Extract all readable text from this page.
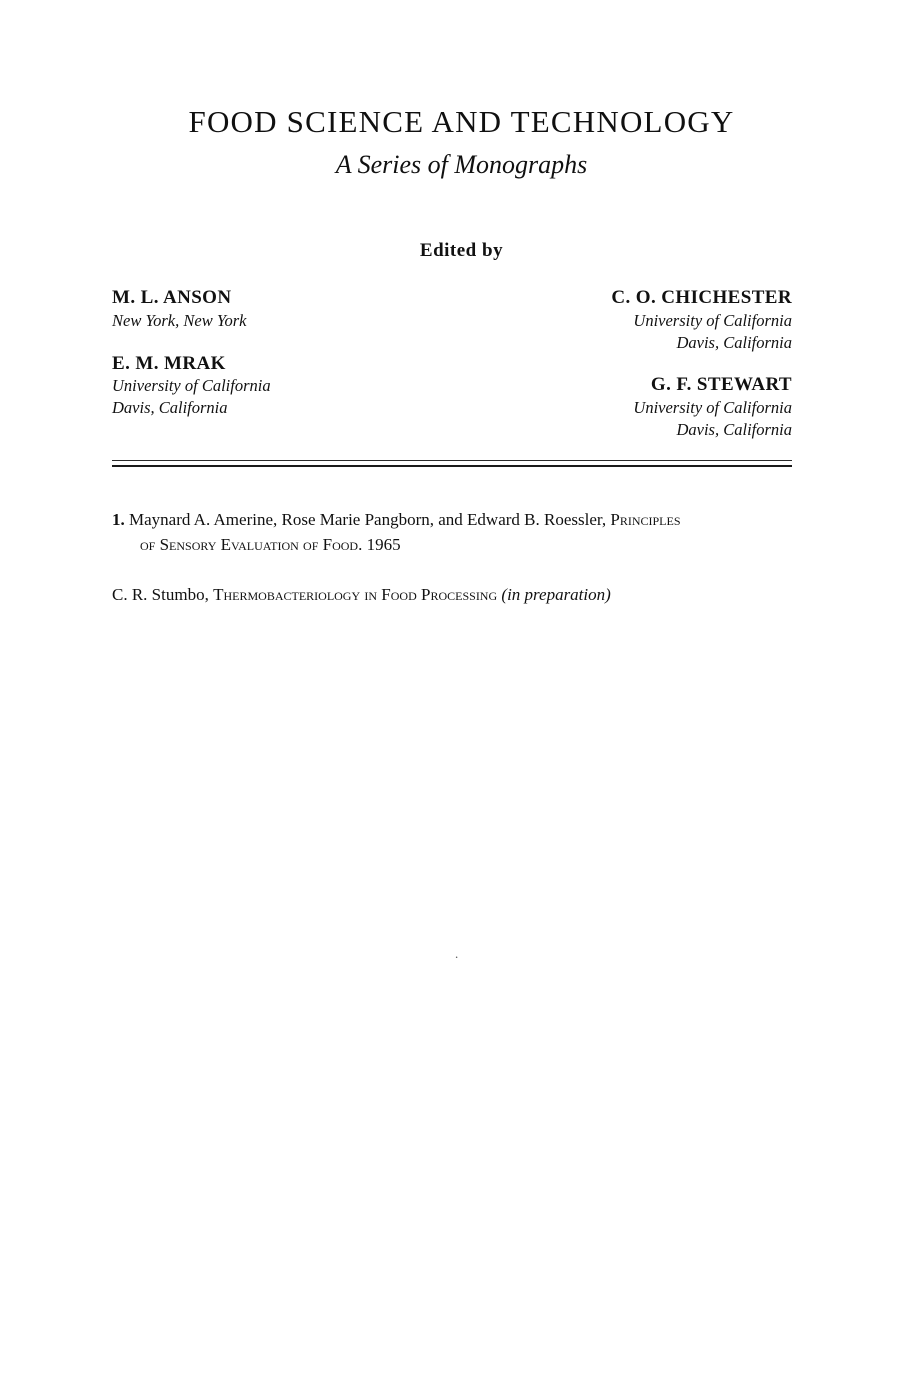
FOOD SCIENCE AND TECHNOLOGY
A Series of Monographs
Edited by
M. L. ANSON
New York, New York
E. M. MRAK
University of California
Davis, California
C. O. CHICHESTER
University of California
Davis, California
G. F. STEWART
University of California
Davis, California
1. Maynard A. Amerine, Rose Marie Pangborn, and Edward B. Roessler, Principles
of Sensory Evaluation of Food. 1965
C. R. Stumbo, Thermobacteriology in Food Processing (in preparation)
.
